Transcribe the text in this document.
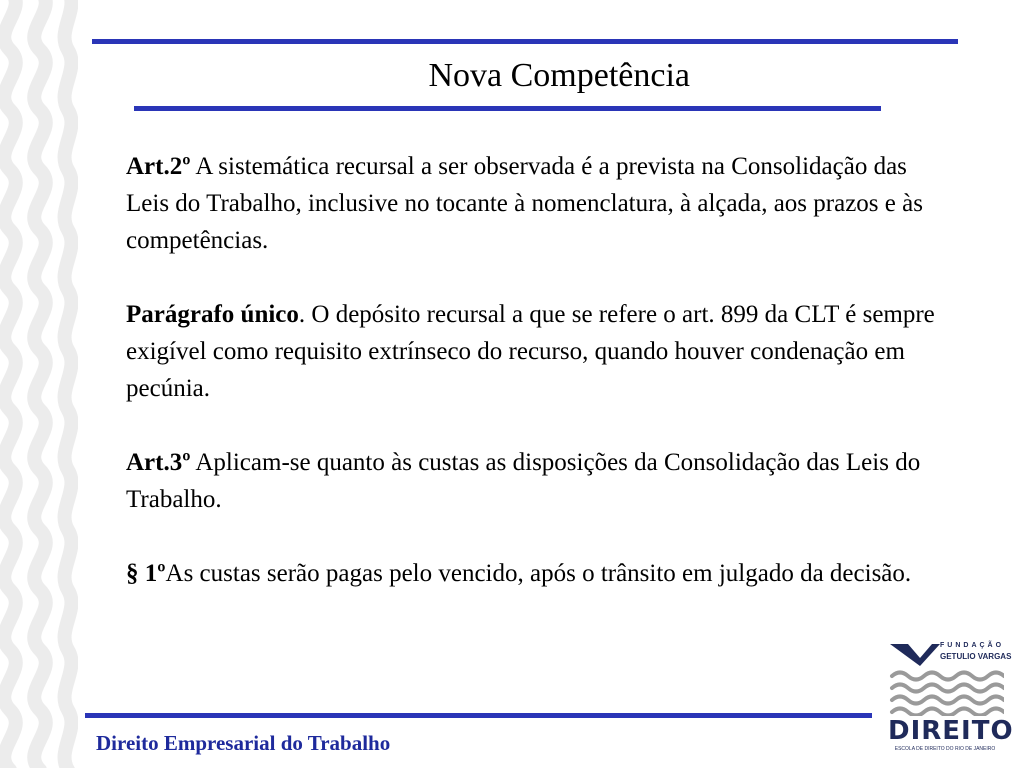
Nova Competência

Art.2º A sistemática recursal a ser observada é a prevista na Consolidação das Leis do Trabalho, inclusive no tocante à nomenclatura, à alçada, aos prazos e às competências.

Parágrafo único. O depósito recursal a que se refere o art. 899 da CLT é sempre exigível como requisito extrínseco do recurso, quando houver condenação em pecúnia.

Art.3º Aplicam-se quanto às custas as disposições da Consolidação das Leis do Trabalho.

§ 1ºAs custas serão pagas pelo vencido, após o trânsito em julgado da decisão.

Direito Empresarial do Trabalho
FUNDAÇÃO
GETULIO VARGAS
DIREITO
ESCOLA DE DIREITO DO RIO DE JANEIRO
